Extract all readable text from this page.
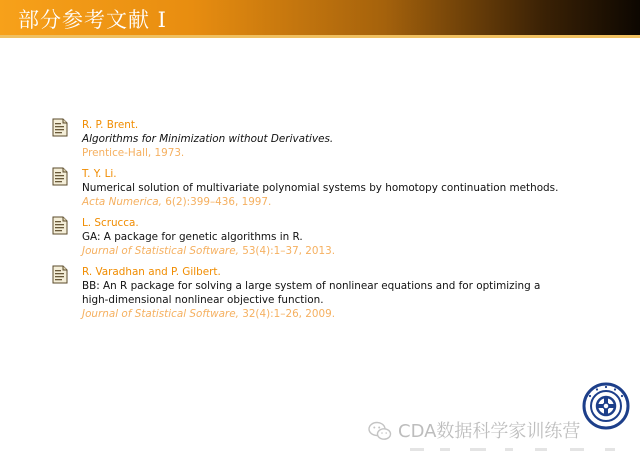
部分参考文献 I
R. P. Brent.
Algorithms for Minimization without Derivatives.
Prentice-Hall, 1973.
T. Y. Li.
Numerical solution of multivariate polynomial systems by homotopy continuation methods.
Acta Numerica, 6(2):399–436, 1997.
L. Scrucca.
GA: A package for genetic algorithms in R.
Journal of Statistical Software, 53(4):1–37, 2013.
R. Varadhan and P. Gilbert.
BB: An R package for solving a large system of nonlinear equations and for optimizing a
high-dimensional nonlinear objective function.
Journal of Statistical Software, 32(4):1–26, 2009.
CDA数据科学家训练营
